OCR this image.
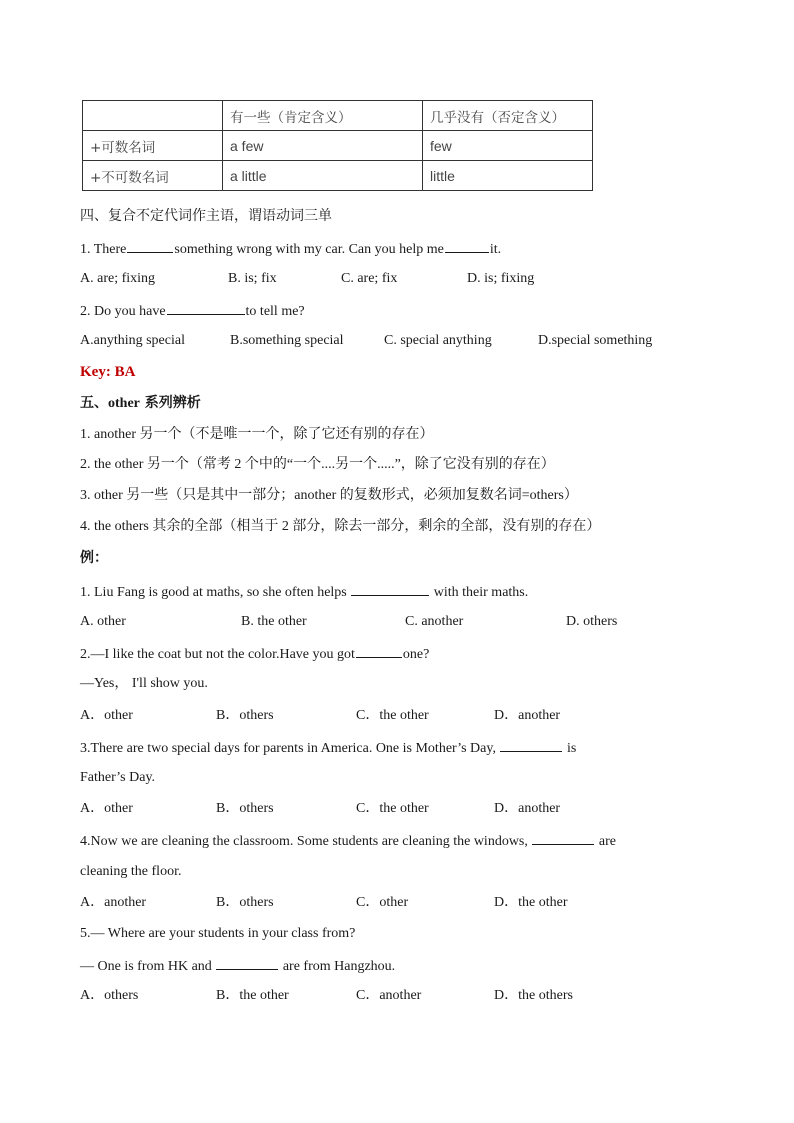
	有一些（肯定含义）	几乎没有（否定含义）
+可数名词	a few	few
+不可数名词	a little	little
四、复合不定代词作主语，谓语动词三单
1. There	something wrong with my car. Can you help me	it.
A. are; fixing	B. is; fix	C. are; fix	D. is; fixing
2. Do you have	to tell me?
A.anything special	B.something special	C. special anything	D.special something
Key: BA
五、other 系列辨析
1. another 另一个（不是唯一一个，除了它还有别的存在）
2. the other 另一个（常考 2 个中的“一个....另一个.....”，除了它没有别的存在）
3. other 另一些（只是其中一部分；another 的复数形式，必须加复数名词=others）
4. the others 其余的全部（相当于 2 部分，除去一部分，剩余的全部，没有别的存在）
例：
1. Liu Fang is good at maths, so she often helps	with their maths.
A. other	B. the other	C. another	D. others
2.—I like the coat but not the color.Have you got	one?
—Yes， I'll show you.
A．other	B．others	C．the other	D．another
3.There are two special days for parents in America. One is Mother’s Day,	is
Father’s Day.
A．other	B．others	C．the other	D．another
4.Now we are cleaning the classroom. Some students are cleaning the windows,	are
cleaning the floor.
A．another	B．others	C．other	D．the other
5.— Where are your students in your class from?
— One is from HK and	are from Hangzhou.
A．others	B．the other	C．another	D．the others
